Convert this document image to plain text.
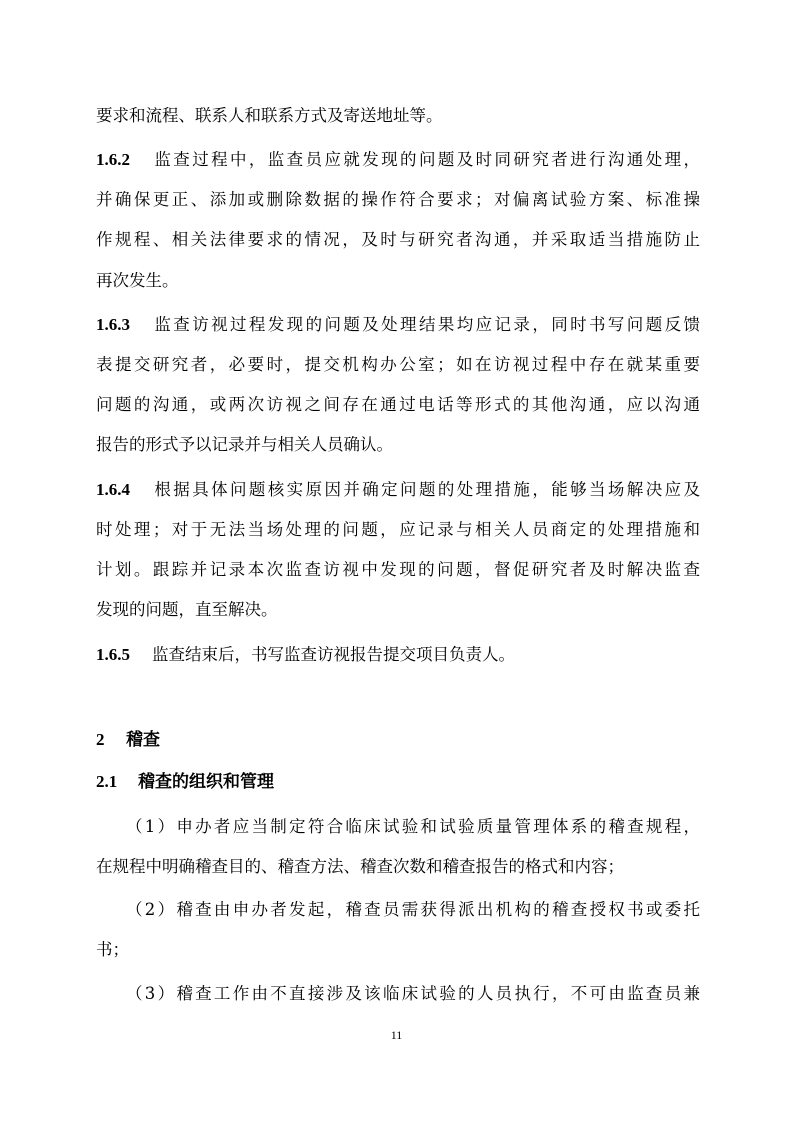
要求和流程、联系人和联系方式及寄送地址等。
1.6.2 监查过程中，监查员应就发现的问题及时同研究者进行沟通处理，
并确保更正、添加或删除数据的操作符合要求；对偏离试验方案、标准操
作规程、相关法律要求的情况，及时与研究者沟通，并采取适当措施防止
再次发生。
1.6.3 监查访视过程发现的问题及处理结果均应记录，同时书写问题反馈
表提交研究者，必要时，提交机构办公室；如在访视过程中存在就某重要
问题的沟通，或两次访视之间存在通过电话等形式的其他沟通，应以沟通
报告的形式予以记录并与相关人员确认。
1.6.4 根据具体问题核实原因并确定问题的处理措施，能够当场解决应及
时处理；对于无法当场处理的问题，应记录与相关人员商定的处理措施和
计划。跟踪并记录本次监查访视中发现的问题，督促研究者及时解决监查
发现的问题，直至解决。
1.6.5 监查结束后，书写监查访视报告提交项目负责人。
2 稽查
2.1 稽查的组织和管理
（1）申办者应当制定符合临床试验和试验质量管理体系的稽查规程，
在规程中明确稽查目的、稽查方法、稽查次数和稽查报告的格式和内容；
（2）稽查由申办者发起，稽查员需获得派出机构的稽查授权书或委托
书；
（3）稽查工作由不直接涉及该临床试验的人员执行，不可由监查员兼
11
